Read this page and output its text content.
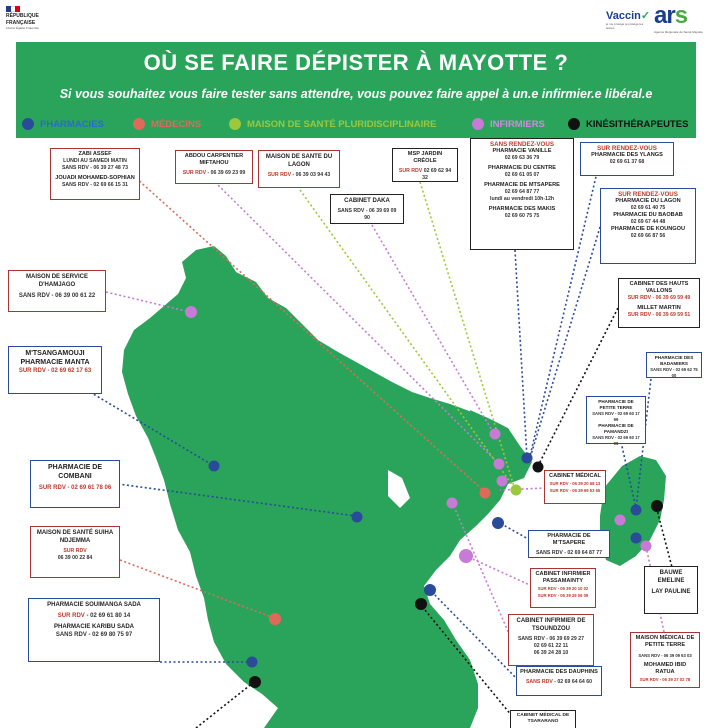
RÉPUBLIQUE
FRANÇAISE
Liberté Égalité Fraternité
Vaccin✓
je me protège je protège les autres	ars
Agence Régionale de Santé Mayotte
OÙ SE FAIRE DÉPISTER À MAYOTTE ?
Si vous souhaitez vous faire tester sans attendre, vous pouvez faire appel à un.e infirmier.e libéral.e
PHARMACIES	MÉDECINS	MAISON DE SANTÉ PLURIDISCIPLINAIRE	INFIRMIERS	KINÉSITHÉRAPEUTES
ZABI ASSEF
LUNDI AU SAMEDI MATIN
SANS RDV - 06 39 27 48 73
JOUADI MOHAMED-SOPHIAN
SANS RDV - 02 69 66 15 31
ABDOU CARPENTIER MIFTAHOU
SUR RDV - 06 39 69 23 99
MAISON DE SANTE DU LAGON
SUR RDV - 06 39 03 94 43
MSP JARDIN CRÉOLE
SUR RDV 02 69 62 94 32
CABINET DAKA
SANS RDV - 06 39 69 09 90
SANS RENDEZ-VOUS
PHARMACIE VANILLE
02 69 63 36 79
PHARMACIE DU CENTRE
02 69 61 05 07
PHARMACIE DE MTSAPERE
02 69 64 87 77
lundi au vendredi 10h-12h
PHARMACIE DES MAKIS
02 69 60 75 75
SUR RENDEZ-VOUS
PHARMACIE DES YLANGS
02 69 61 37 68
SUR RENDEZ-VOUS
PHARMACIE DU LAGON
02 69 61 40 75
PHARMACIE DU BAOBAB
02 69 67 44 48
PHARMACIE DE KOUNGOU
02 69 66 87 56
CABINET DES HAUTS VALLONS
SUR RDV - 06 39 69 59 49
MILLET MARTIN
SUR RDV - 06 39 69 59 51
MAISON DE SERVICE D'HAMJAGO
SANS RDV - 06 39 00 61 22
M'TSANGAMOUJI
PHARMACIE MANTA
SUR RDV - 02 69 62 17 63
PHARMACIE DES BADAMIERS
SANS RDV - 02 69 62 75 00
PHARMACIE DE PETITE TERRE
SANS RDV - 02 69 60 17 99
PHARMACIE DE PAMANDZI
SANS RDV - 02 69 60 17 99
PHARMACIE DE COMBANI
SUR RDV - 02 69 61 78 06
CABINET MÉDICAL
SUR RDV - 06 39 20 68 13
SUR RDV - 06 39 69 53 65
PHARMACIE DE M'TSAPERE
SANS RDV - 02 69 64 87 77
MAISON DE SANTÉ SUIHA NDJEMMA
SUR RDV
06 39 00 22 84
CABINET INFIRMIER PASSAMAINTY
SUR RDV - 06 39 20 10 02
SUR RDV - 06 39 29 06 09
BAUWE EMELINE
LAY PAULINE
CABINET INFIRMIER DE TSOUNDZOU
SANS RDV - 06 39 69 29 27
02 69 61 22 11
06 39 24 28 10
MAISON MÉDICAL DE PETITE TERRE
SANS RDV - 06 39 09 63 03
MOHAMED IBID RATUA
SUR RDV - 06 39 27 02 78
PHARMACIE SOUIMANGA SADA
SUR RDV - 02 69 61 80 14
PHARMACIE KARIBU SADA
SANS RDV - 02 69 80 75 97
PHARMACIE DES DAUPHINS
SANS RDV - 02 69 64 64 60
CABINET MÉDICAL DE TSARARANO
